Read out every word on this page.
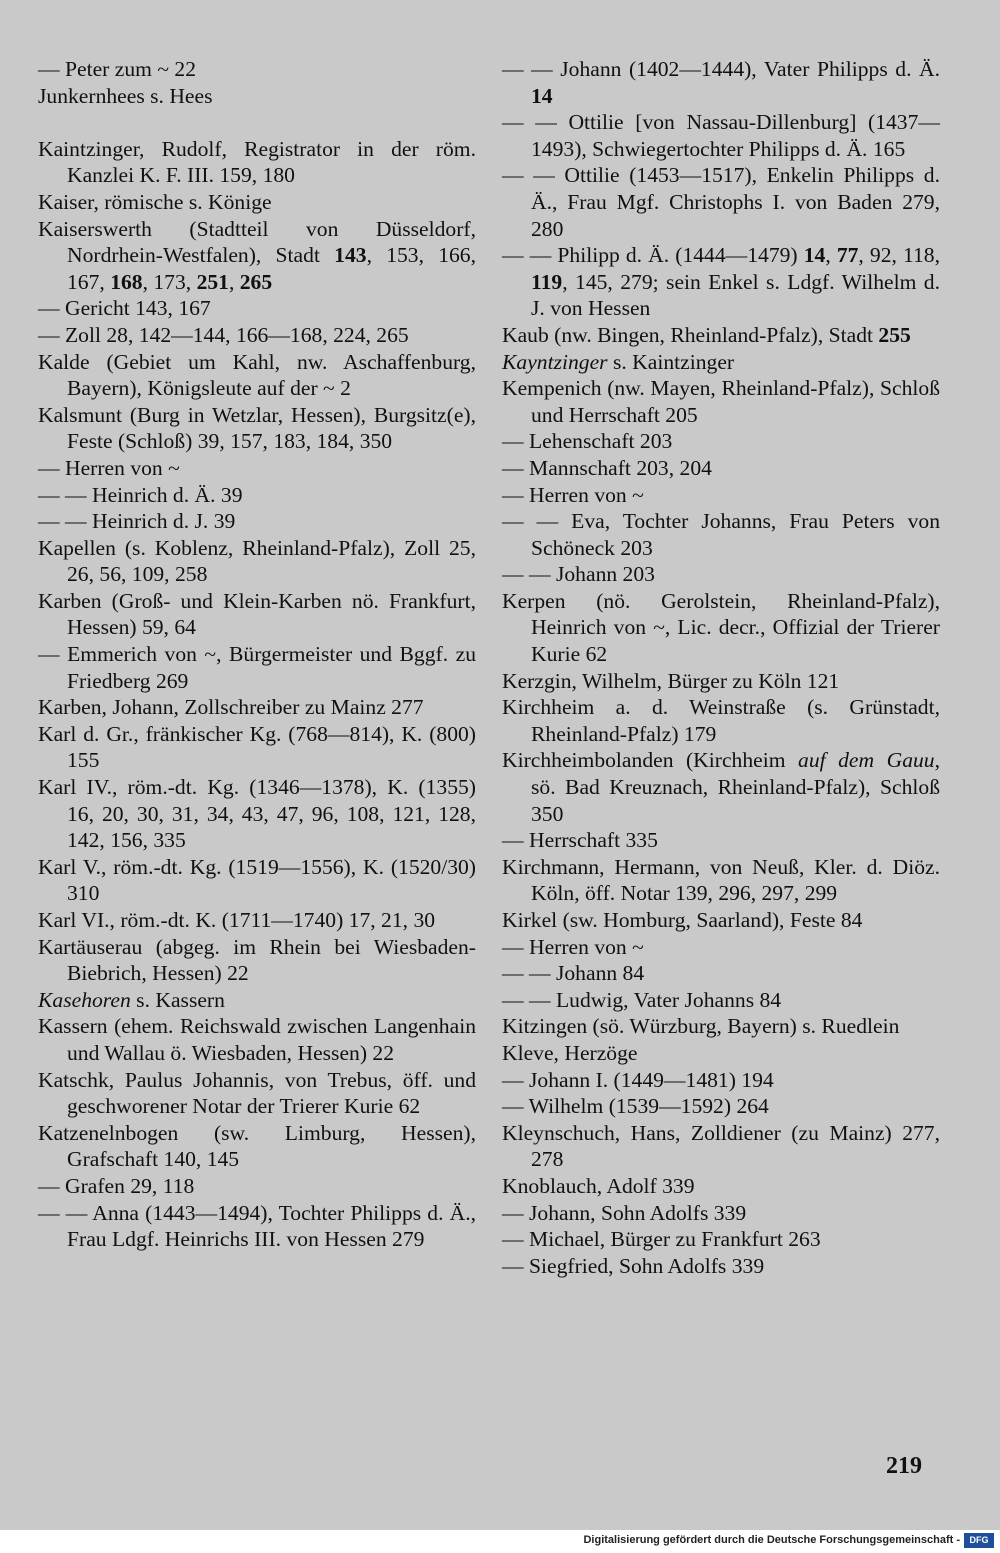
— Peter zum ~ 22
Junkernhees s. Hees
Kaintzinger, Rudolf, Registrator in der röm. Kanzlei K. F. III. 159, 180
Kaiser, römische s. Könige
Kaiserswerth (Stadtteil von Düsseldorf, Nordrhein-Westfalen), Stadt 143, 153, 166, 167, 168, 173, 251, 265
— Gericht 143, 167
— Zoll 28, 142—144, 166—168, 224, 265
Kalde (Gebiet um Kahl, nw. Aschaffenburg, Bayern), Königsleute auf der ~ 2
Kalsmunt (Burg in Wetzlar, Hessen), Burgsitz(e), Feste (Schloß) 39, 157, 183, 184, 350
— Herren von ~
— — Heinrich d. Ä. 39
— — Heinrich d. J. 39
Kapellen (s. Koblenz, Rheinland-Pfalz), Zoll 25, 26, 56, 109, 258
Karben (Groß- und Klein-Karben nö. Frankfurt, Hessen) 59, 64
— Emmerich von ~, Bürgermeister und Bggf. zu Friedberg 269
Karben, Johann, Zollschreiber zu Mainz 277
Karl d. Gr., fränkischer Kg. (768—814), K. (800) 155
Karl IV., röm.-dt. Kg. (1346—1378), K. (1355) 16, 20, 30, 31, 34, 43, 47, 96, 108, 121, 128, 142, 156, 335
Karl V., röm.-dt. Kg. (1519—1556), K. (1520/30) 310
Karl VI., röm.-dt. K. (1711—1740) 17, 21, 30
Kartäuserau (abgeg. im Rhein bei Wiesbaden-Biebrich, Hessen) 22
Kasehoren s. Kassern
Kassern (ehem. Reichswald zwischen Langenhain und Wallau ö. Wiesbaden, Hessen) 22
Katschk, Paulus Johannis, von Trebus, öff. und geschworener Notar der Trierer Kurie 62
Katzenelnbogen (sw. Limburg, Hessen), Grafschaft 140, 145
— Grafen 29, 118
— — Anna (1443—1494), Tochter Philipps d. Ä., Frau Ldgf. Heinrichs III. von Hessen 279
— — Johann (1402—1444), Vater Philipps d. Ä. 14
— — Ottilie [von Nassau-Dillenburg] (1437—1493), Schwiegertochter Philipps d. Ä. 165
— — Ottilie (1453—1517), Enkelin Philipps d. Ä., Frau Mgf. Christophs I. von Baden 279, 280
— — Philipp d. Ä. (1444—1479) 14, 77, 92, 118, 119, 145, 279; sein Enkel s. Ldgf. Wilhelm d. J. von Hessen
Kaub (nw. Bingen, Rheinland-Pfalz), Stadt 255
Kayntzinger s. Kaintzinger
Kempenich (nw. Mayen, Rheinland-Pfalz), Schloß und Herrschaft 205
— Lehenschaft 203
— Mannschaft 203, 204
— Herren von ~
— — Eva, Tochter Johanns, Frau Peters von Schöneck 203
— — Johann 203
Kerpen (nö. Gerolstein, Rheinland-Pfalz), Heinrich von ~, Lic. decr., Offizial der Trierer Kurie 62
Kerzgin, Wilhelm, Bürger zu Köln 121
Kirchheim a. d. Weinstraße (s. Grünstadt, Rheinland-Pfalz) 179
Kirchheimbolanden (Kirchheim auf dem Gauu, sö. Bad Kreuznach, Rheinland-Pfalz), Schloß 350
— Herrschaft 335
Kirchmann, Hermann, von Neuß, Kler. d. Diöz. Köln, öff. Notar 139, 296, 297, 299
Kirkel (sw. Homburg, Saarland), Feste 84
— Herren von ~
— — Johann 84
— — Ludwig, Vater Johanns 84
Kitzingen (sö. Würzburg, Bayern) s. Ruedlein
Kleve, Herzöge
— Johann I. (1449—1481) 194
— Wilhelm (1539—1592) 264
Kleynschuch, Hans, Zolldiener (zu Mainz) 277, 278
Knoblauch, Adolf 339
— Johann, Sohn Adolfs 339
— Michael, Bürger zu Frankfurt 263
— Siegfried, Sohn Adolfs 339
219
Digitalisierung gefördert durch die Deutsche Forschungsgemeinschaft -	DFG
